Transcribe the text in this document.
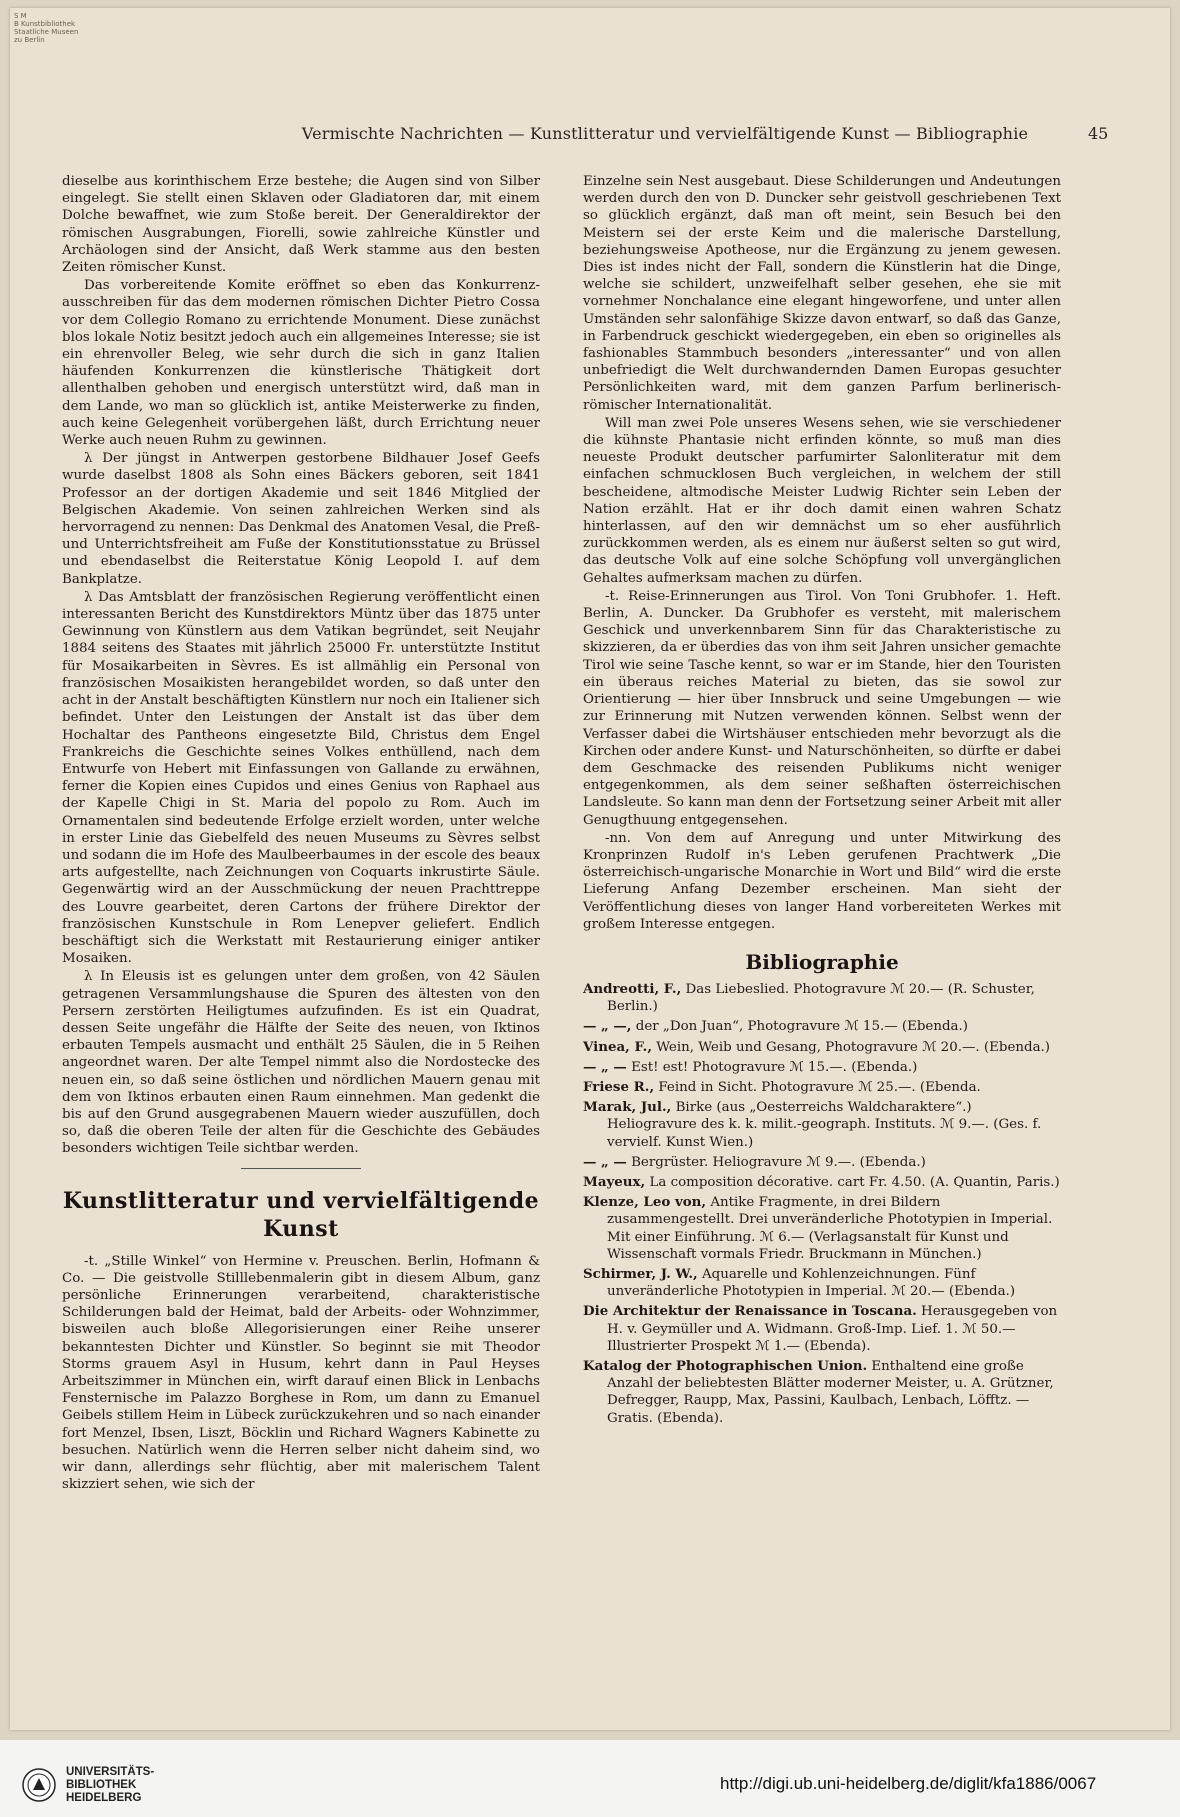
S M
B Kunstbibliothek
Staatliche Museen
zu Berlin
Vermischte Nachrichten — Kunstlitteratur und vervielfältigende Kunst — Bibliographie	45

dieselbe aus korinthischem Erze bestehe; die Augen sind von Silber eingelegt. Sie stellt einen Sklaven oder Gladiatoren dar, mit einem Dolche bewaffnet, wie zum Stoße bereit. Der Generaldirektor der römischen Ausgrabungen, Fiorelli, sowie zahlreiche Künstler und Archäologen sind der Ansicht, daß Werk stamme aus den besten Zeiten römischer Kunst.

Das vorbereitende Komite eröffnet so eben das Konkurrenz-ausschreiben für das dem modernen römischen Dichter Pietro Cossa vor dem Collegio Romano zu errichtende Monument. Diese zunächst blos lokale Notiz besitzt jedoch auch ein allgemeines Interesse; sie ist ein ehrenvoller Beleg, wie sehr durch die sich in ganz Italien häufenden Konkurrenzen die künstlerische Thätigkeit dort allenthalben gehoben und energisch unterstützt wird, daß man in dem Lande, wo man so glücklich ist, antike Meisterwerke zu finden, auch keine Gelegenheit vorübergehen läßt, durch Errichtung neuer Werke auch neuen Ruhm zu gewinnen.

λ Der jüngst in Antwerpen gestorbene Bildhauer Josef Geefs wurde daselbst 1808 als Sohn eines Bäckers geboren, seit 1841 Professor an der dortigen Akademie und seit 1846 Mitglied der Belgischen Akademie. Von seinen zahlreichen Werken sind als hervorragend zu nennen: Das Denkmal des Anatomen Vesal, die Preß- und Unterrichtsfreiheit am Fuße der Konstitutionsstatue zu Brüssel und ebendaselbst die Reiterstatue König Leopold I. auf dem Bankplatze.

λ Das Amtsblatt der französischen Regierung veröffentlicht einen interessanten Bericht des Kunstdirektors Müntz über das 1875 unter Gewinnung von Künstlern aus dem Vatikan begründet, seit Neujahr 1884 seitens des Staates mit jährlich 25000 Fr. unterstützte Institut für Mosaikarbeiten in Sèvres. Es ist allmählig ein Personal von französischen Mosaikisten herangebildet worden, so daß unter den acht in der Anstalt beschäftigten Künstlern nur noch ein Italiener sich befindet. Unter den Leistungen der Anstalt ist das über dem Hochaltar des Pantheons eingesetzte Bild, Christus dem Engel Frankreichs die Geschichte seines Volkes enthüllend, nach dem Entwurfe von Hebert mit Einfassungen von Gallande zu erwähnen, ferner die Kopien eines Cupidos und eines Genius von Raphael aus der Kapelle Chigi in St. Maria del popolo zu Rom. Auch im Ornamentalen sind bedeutende Erfolge erzielt worden, unter welche in erster Linie das Giebelfeld des neuen Museums zu Sèvres selbst und sodann die im Hofe des Maulbeerbaumes in der escole des beaux arts aufgestellte, nach Zeichnungen von Coquarts inkrustirte Säule. Gegenwärtig wird an der Ausschmückung der neuen Prachttreppe des Louvre gearbeitet, deren Cartons der frühere Direktor der französischen Kunstschule in Rom Lenepver geliefert. Endlich beschäftigt sich die Werkstatt mit Restaurierung einiger antiker Mosaiken.

λ In Eleusis ist es gelungen unter dem großen, von 42 Säulen getragenen Versammlungshause die Spuren des ältesten von den Persern zerstörten Heiligtumes aufzufinden. Es ist ein Quadrat, dessen Seite ungefähr die Hälfte der Seite des neuen, von Iktinos erbauten Tempels ausmacht und enthält 25 Säulen, die in 5 Reihen angeordnet waren. Der alte Tempel nimmt also die Nordostecke des neuen ein, so daß seine östlichen und nördlichen Mauern genau mit dem von Iktinos erbauten einen Raum einnehmen. Man gedenkt die bis auf den Grund ausgegrabenen Mauern wieder auszufüllen, doch so, daß die oberen Teile der alten für die Geschichte des Gebäudes besonders wichtigen Teile sichtbar werden.

Kunstlitteratur und vervielfältigende Kunst

-t. „Stille Winkel“ von Hermine v. Preuschen. Berlin, Hofmann & Co. — Die geistvolle Stilllebenmalerin gibt in diesem Album, ganz persönliche Erinnerungen verarbeitend, charakteristische Schilderungen bald der Heimat, bald der Arbeits- oder Wohnzimmer, bisweilen auch bloße Allegorisierungen einer Reihe unserer bekanntesten Dichter und Künstler. So beginnt sie mit Theodor Storms grauem Asyl in Husum, kehrt dann in Paul Heyses Arbeitszimmer in München ein, wirft darauf einen Blick in Lenbachs Fensternische im Palazzo Borghese in Rom, um dann zu Emanuel Geibels stillem Heim in Lübeck zurückzukehren und so nach einander fort Menzel, Ibsen, Liszt, Böcklin und Richard Wagners Kabinette zu besuchen. Natürlich wenn die Herren selber nicht daheim sind, wo wir dann, allerdings sehr flüchtig, aber mit malerischem Talent skizziert sehen, wie sich der

Einzelne sein Nest ausgebaut. Diese Schilderungen und Andeutungen werden durch den von D. Duncker sehr geistvoll geschriebenen Text so glücklich ergänzt, daß man oft meint, sein Besuch bei den Meistern sei der erste Keim und die malerische Darstellung, beziehungsweise Apotheose, nur die Ergänzung zu jenem gewesen. Dies ist indes nicht der Fall, sondern die Künstlerin hat die Dinge, welche sie schildert, unzweifelhaft selber gesehen, ehe sie mit vornehmer Nonchalance eine elegant hingeworfene, und unter allen Umständen sehr salonfähige Skizze davon entwarf, so daß das Ganze, in Farbendruck geschickt wiedergegeben, ein eben so originelles als fashionables Stammbuch besonders „interessanter“ und von allen unbefriedigt die Welt durchwandernden Damen Europas gesuchter Persönlichkeiten ward, mit dem ganzen Parfum berlinerisch-römischer Internationalität.

Will man zwei Pole unseres Wesens sehen, wie sie verschiedener die kühnste Phantasie nicht erfinden könnte, so muß man dies neueste Produkt deutscher parfumirter Salonliteratur mit dem einfachen schmucklosen Buch vergleichen, in welchem der still bescheidene, altmodische Meister Ludwig Richter sein Leben der Nation erzählt. Hat er ihr doch damit einen wahren Schatz hinterlassen, auf den wir demnächst um so eher ausführlich zurückkommen werden, als es einem nur äußerst selten so gut wird, das deutsche Volk auf eine solche Schöpfung voll unvergänglichen Gehaltes aufmerksam machen zu dürfen.

-t. Reise-Erinnerungen aus Tirol. Von Toni Grubhofer. 1. Heft. Berlin, A. Duncker. Da Grubhofer es versteht, mit malerischem Geschick und unverkennbarem Sinn für das Charakteristische zu skizzieren, da er überdies das von ihm seit Jahren unsicher gemachte Tirol wie seine Tasche kennt, so war er im Stande, hier den Touristen ein überaus reiches Material zu bieten, das sie sowol zur Orientierung — hier über Innsbruck und seine Umgebungen — wie zur Erinnerung mit Nutzen verwenden können. Selbst wenn der Verfasser dabei die Wirtshäuser entschieden mehr bevorzugt als die Kirchen oder andere Kunst- und Naturschönheiten, so dürfte er dabei dem Geschmacke des reisenden Publikums nicht weniger entgegenkommen, als dem seiner seßhaften österreichischen Landsleute. So kann man denn der Fortsetzung seiner Arbeit mit aller Genugthuung entgegensehen.

-nn. Von dem auf Anregung und unter Mitwirkung des Kronprinzen Rudolf in's Leben gerufenen Prachtwerk „Die österreichisch-ungarische Monarchie in Wort und Bild“ wird die erste Lieferung Anfang Dezember erscheinen. Man sieht der Veröffentlichung dieses von langer Hand vorbereiteten Werkes mit großem Interesse entgegen.

Bibliographie
Andreotti, F., Das Liebeslied. Photogravure ℳ 20.— (R. Schuster, Berlin.)
— „ —, der „Don Juan“, Photogravure ℳ 15.— (Ebenda.)
Vinea, F., Wein, Weib und Gesang, Photogravure ℳ 20.—. (Ebenda.)
— „ — Est! est! Photogravure ℳ 15.—. (Ebenda.)
Friese R., Feind in Sicht. Photogravure ℳ 25.—. (Ebenda.
Marak, Jul., Birke (aus „Oesterreichs Waldcharaktere“.) Heliogravure des k. k. milit.-geograph. Instituts. ℳ 9.—. (Ges. f. vervielf. Kunst Wien.)
— „ — Bergrüster. Heliogravure ℳ 9.—. (Ebenda.)
Mayeux, La composition décorative. cart Fr. 4.50. (A. Quantin, Paris.)
Klenze, Leo von, Antike Fragmente, in drei Bildern zusammengestellt. Drei unveränderliche Phototypien in Imperial. Mit einer Einführung. ℳ 6.— (Verlagsanstalt für Kunst und Wissenschaft vormals Friedr. Bruckmann in München.)
Schirmer, J. W., Aquarelle und Kohlenzeichnungen. Fünf unveränderliche Phototypien in Imperial. ℳ 20.— (Ebenda.)
Die Architektur der Renaissance in Toscana. Herausgegeben von H. v. Geymüller und A. Widmann. Groß-Imp. Lief. 1. ℳ 50.— Illustrierter Prospekt ℳ 1.— (Ebenda).
Katalog der Photographischen Union. Enthaltend eine große Anzahl der beliebtesten Blätter moderner Meister, u. A. Grützner, Defregger, Raupp, Max, Passini, Kaulbach, Lenbach, Löfftz. — Gratis. (Ebenda).
UNIVERSITÄTS-
BIBLIOTHEK
HEIDELBERG
http://digi.ub.uni-heidelberg.de/diglit/kfa1886/0067
